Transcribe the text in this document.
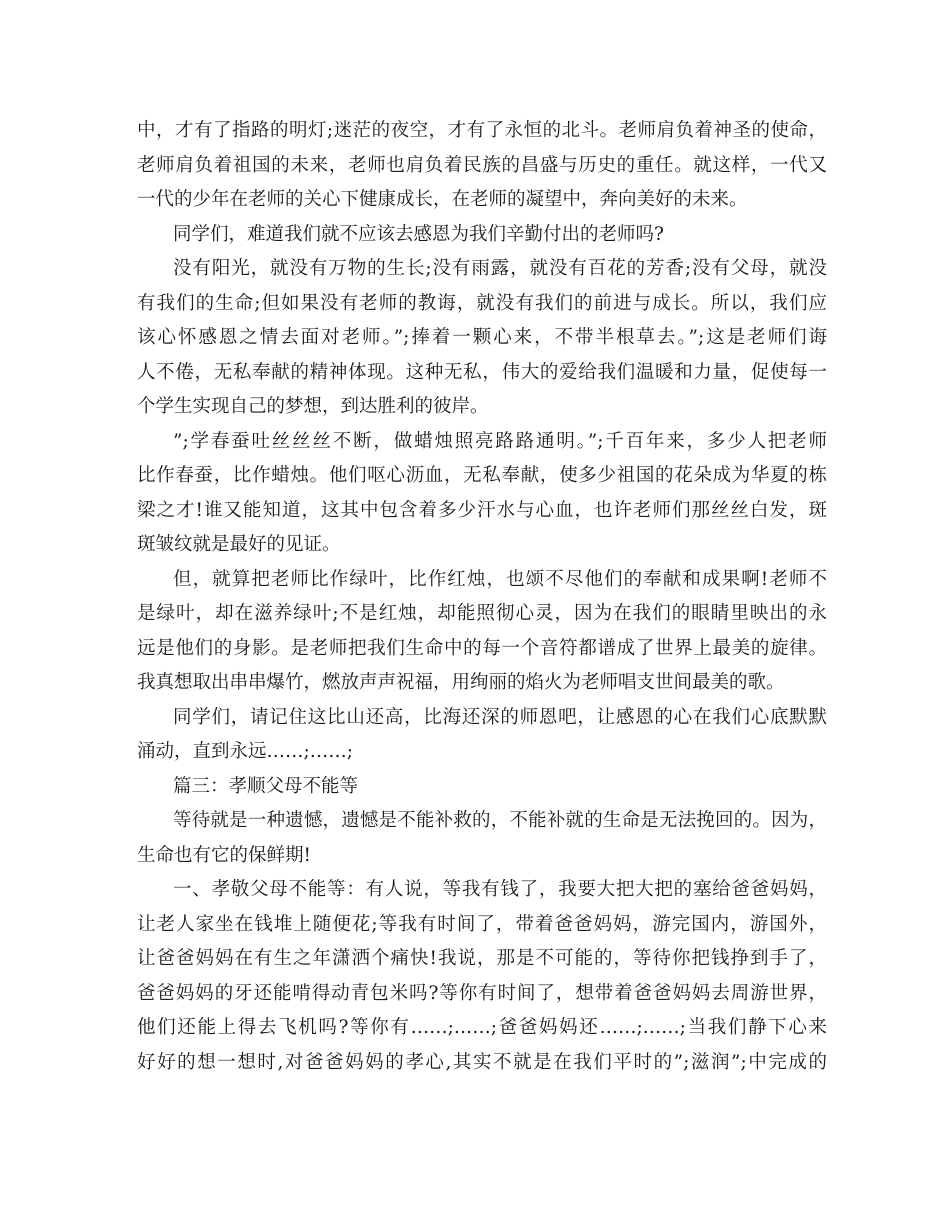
中，才有了指路的明灯;迷茫的夜空，才有了永恒的北斗。老师肩负着神圣的使命，
老师肩负着祖国的未来，老师也肩负着民族的昌盛与历史的重任。就这样，一代又
一代的少年在老师的关心下健康成长，在老师的凝望中，奔向美好的未来。
同学们，难道我们就不应该去感恩为我们辛勤付出的老师吗?
没有阳光，就没有万物的生长;没有雨露，就没有百花的芳香;没有父母，就没
有我们的生命;但如果没有老师的教诲，就没有我们的前进与成长。所以，我们应
该心怀感恩之情去面对老师。”;捧着一颗心来，不带半根草去。”;这是老师们诲
人不倦，无私奉献的精神体现。这种无私，伟大的爱给我们温暖和力量，促使每一
个学生实现自己的梦想，到达胜利的彼岸。
”;学春蚕吐丝丝丝不断，做蜡烛照亮路路通明。”;千百年来，多少人把老师
比作春蚕，比作蜡烛。他们呕心沥血，无私奉献，使多少祖国的花朵成为华夏的栋
梁之才!谁又能知道，这其中包含着多少汗水与心血，也许老师们那丝丝白发，斑
斑皱纹就是最好的见证。
但，就算把老师比作绿叶，比作红烛，也颂不尽他们的奉献和成果啊!老师不
是绿叶，却在滋养绿叶;不是红烛，却能照彻心灵，因为在我们的眼睛里映出的永
远是他们的身影。是老师把我们生命中的每一个音符都谱成了世界上最美的旋律。
我真想取出串串爆竹，燃放声声祝福，用绚丽的焰火为老师唱支世间最美的歌。
同学们，请记住这比山还高，比海还深的师恩吧，让感恩的心在我们心底默默
涌动，直到永远……;……;
篇三：孝顺父母不能等
等待就是一种遗憾，遗憾是不能补救的，不能补就的生命是无法挽回的。因为，
生命也有它的保鲜期!
一、孝敬父母不能等：有人说，等我有钱了，我要大把大把的塞给爸爸妈妈，
让老人家坐在钱堆上随便花;等我有时间了，带着爸爸妈妈，游完国内，游国外，
让爸爸妈妈在有生之年潇洒个痛快!我说，那是不可能的，等待你把钱挣到手了，
爸爸妈妈的牙还能啃得动青包米吗?等你有时间了，想带着爸爸妈妈去周游世界，
他们还能上得去飞机吗?等你有……;……;爸爸妈妈还……;……;当我们静下心来
好好的想一想时,对爸爸妈妈的孝心,其实不就是在我们平时的”;滋润”;中完成的
